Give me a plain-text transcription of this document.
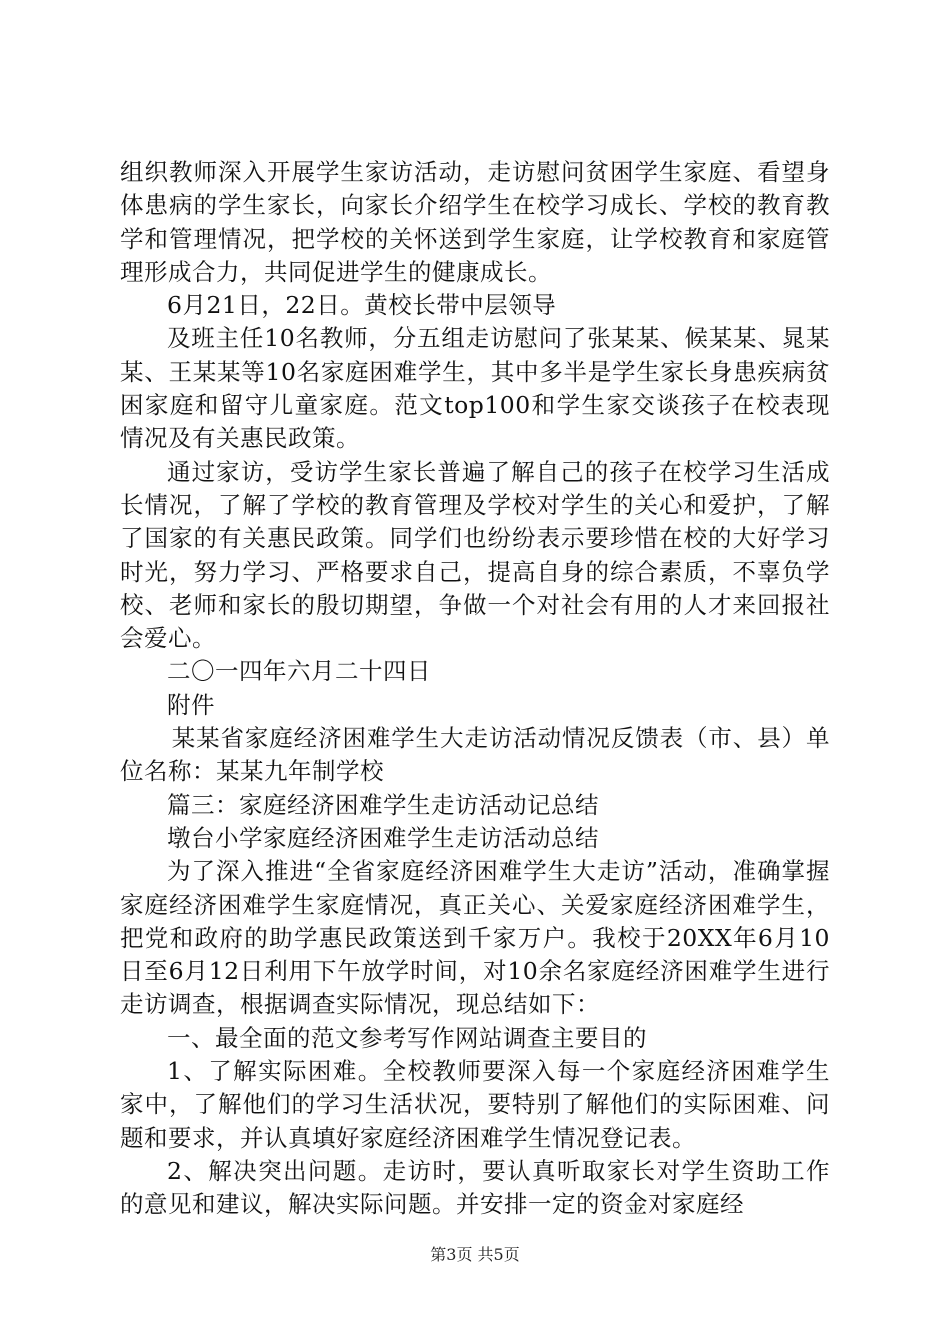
组织教师深入开展学生家访活动，走访慰问贫困学生家庭、看望身体患病的学生家长，向家长介绍学生在校学习成长、学校的教育教学和管理情况，把学校的关怀送到学生家庭，让学校教育和家庭管理形成合力，共同促进学生的健康成长。

6月21日，22日。黄校长带中层领导

及班主任10名教师，分五组走访慰问了张某某、候某某、晁某某、王某某等10名家庭困难学生，其中多半是学生家长身患疾病贫困家庭和留守儿童家庭。范文top100和学生家交谈孩子在校表现情况及有关惠民政策。

通过家访，受访学生家长普遍了解自己的孩子在校学习生活成长情况，了解了学校的教育管理及学校对学生的关心和爱护，了解了国家的有关惠民政策。同学们也纷纷表示要珍惜在校的大好学习时光，努力学习、严格要求自己，提高自身的综合素质，不辜负学校、老师和家长的殷切期望，争做一个对社会有用的人才来回报社会爱心。

二〇一四年六月二十四日

附件

某某省家庭经济困难学生大走访活动情况反馈表（市、县）单位名称：某某九年制学校

篇三：家庭经济困难学生走访活动记总结

墩台小学家庭经济困难学生走访活动总结

为了深入推进“全省家庭经济困难学生大走访”活动，准确掌握家庭经济困难学生家庭情况，真正关心、关爱家庭经济困难学生，把党和政府的助学惠民政策送到千家万户。我校于20XX年6月10日至6月12日利用下午放学时间，对10余名家庭经济困难学生进行走访调查，根据调查实际情况，现总结如下：

一、最全面的范文参考写作网站调查主要目的

1、了解实际困难。全校教师要深入每一个家庭经济困难学生家中，了解他们的学习生活状况，要特别了解他们的实际困难、问题和要求，并认真填好家庭经济困难学生情况登记表。

2、解决突出问题。走访时，要认真听取家长对学生资助工作的意见和建议，解决实际问题。并安排一定的资金对家庭经

第3页 共5页
